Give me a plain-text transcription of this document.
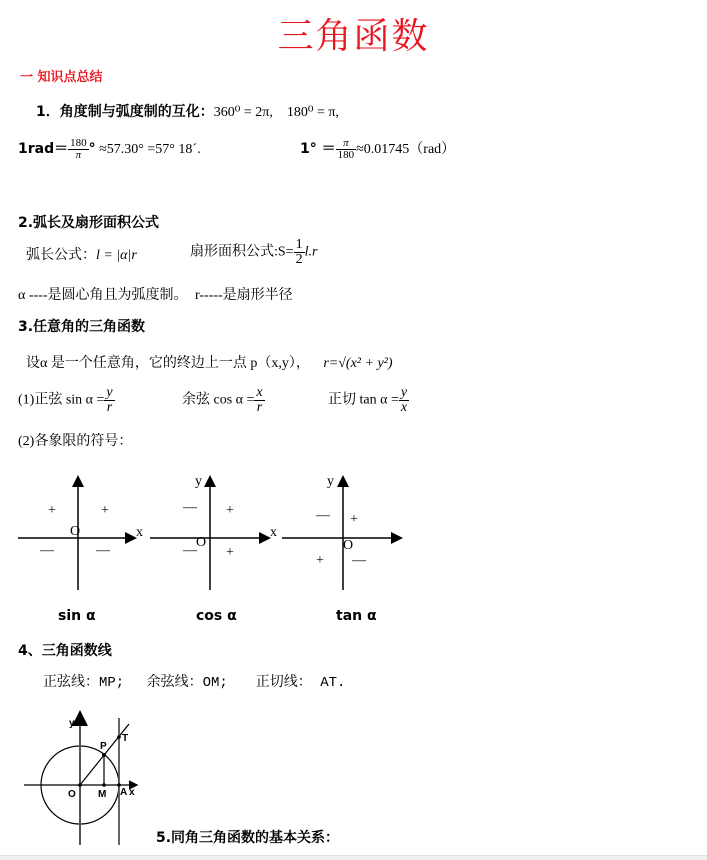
三角函数
一 知识点总结
1．角度制与弧度制的互化：360⁰ = 2π,　180⁰ = π,
$1rad= \frac{180}{\pi}$ ° ≈57.30° =57° 18´.	$1^\circ = \frac{\pi}{180} \approx 0.01745(rad)$
2.弧长及扇形面积公式
弧长公式：l = |α|r	扇形面积公式:S= $\frac{1}{2} l.r$
α ----是圆心角且为弧度制。 r-----是扇形半径
3.任意角的三角函数
设α 是一个任意角，它的终边上一点 p（x,y）， r=√(x² + y²)
(1)正弦 $\sin \alpha = \frac{y}{r}$	余弦 $\cos \alpha = \frac{x}{r}$	正切 $\tan \alpha = \frac{y}{x}$
(2)各象限的符号：
+	+
O	x
—	—
sin α
y
— +
x
O
— +
cos α
y
— +
O
—
+
tan α
4、三角函数线
正弦线：MP;　 余弦线：OM;　　正切线： AT.
y
P
T
O M A x
5.同角三角函数的基本关系：
